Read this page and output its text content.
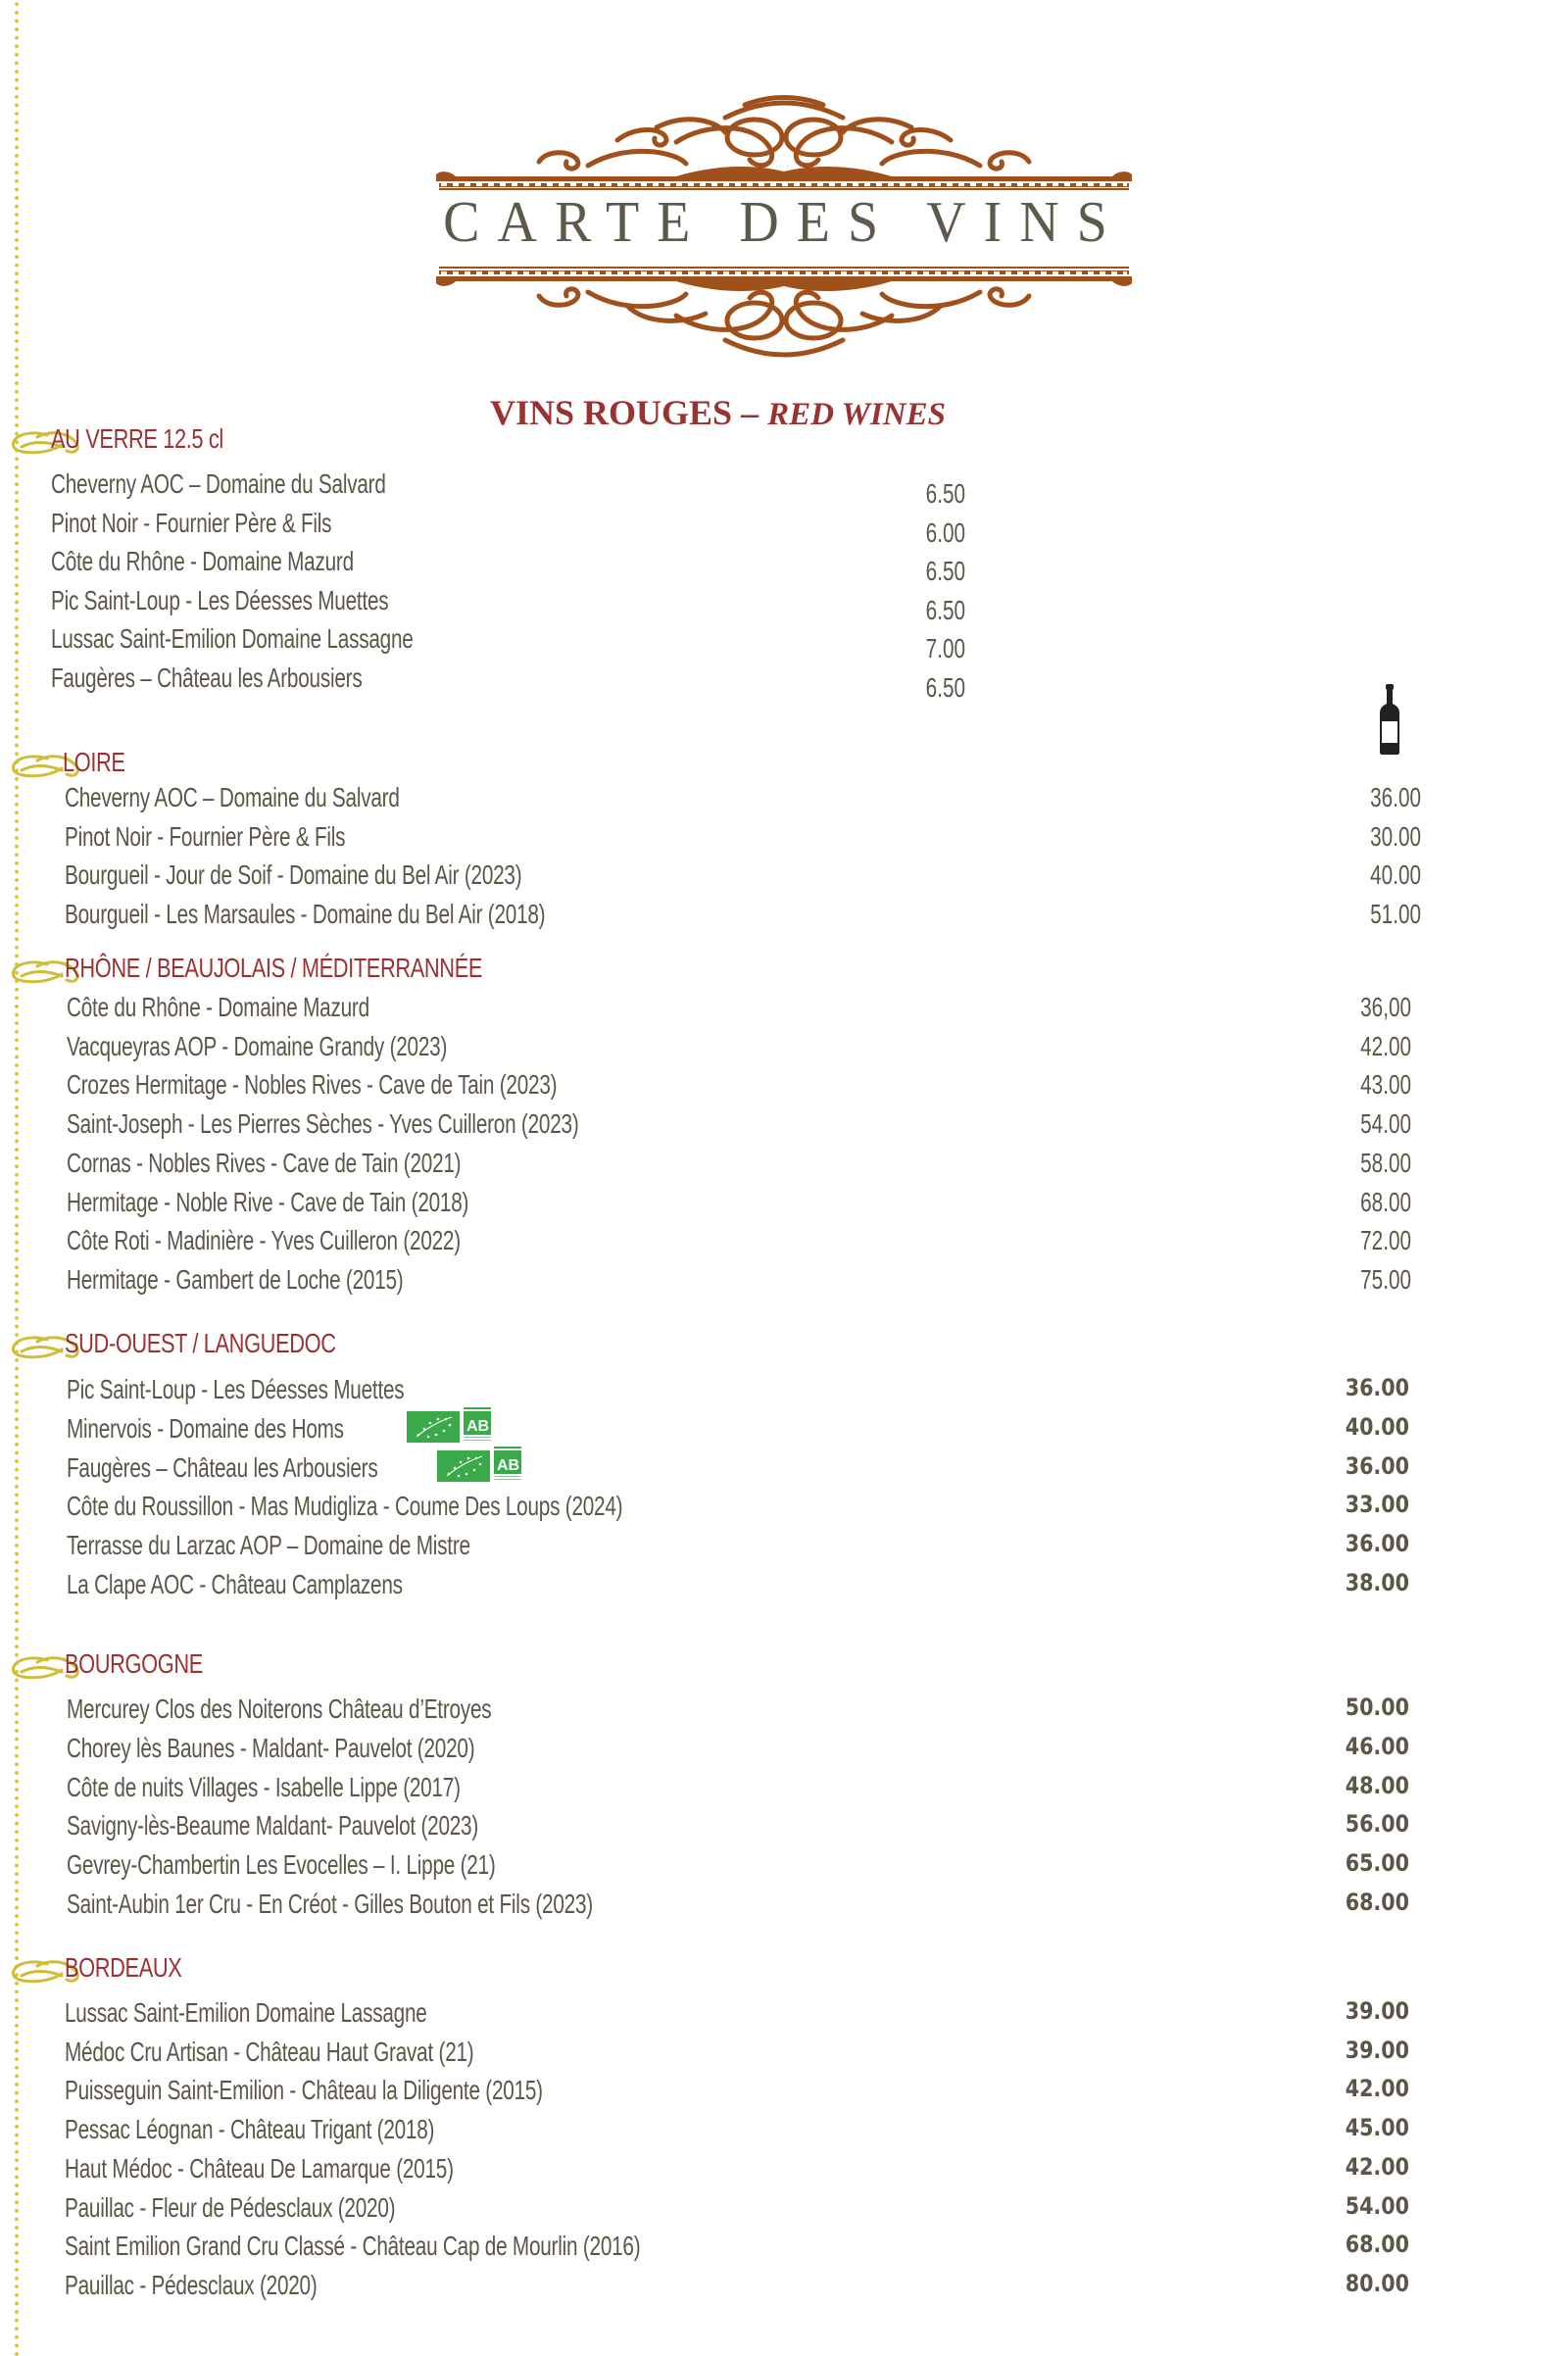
CARTE DES VINS
VINS ROUGES – RED WINES
AU VERRE 12.5 cl
Cheverny AOC – Domaine du Salvard	6.50
Pinot Noir - Fournier Père & Fils	6.00
Côte du Rhône - Domaine Mazurd	6.50
Pic Saint-Loup - Les Déesses Muettes	6.50
Lussac Saint-Emilion Domaine Lassagne	7.00
Faugères – Château les Arbousiers	6.50
LOIRE
Cheverny AOC – Domaine du Salvard	36.00
Pinot Noir - Fournier Père & Fils	30.00
Bourgueil - Jour de Soif - Domaine du Bel Air (2023)	40.00
Bourgueil - Les Marsaules - Domaine du Bel Air (2018)	51.00
RHÔNE / BEAUJOLAIS / MÉDITERRANNÉE
Côte du Rhône - Domaine Mazurd	36,00
Vacqueyras AOP - Domaine Grandy (2023)	42.00
Crozes Hermitage - Nobles Rives - Cave de Tain (2023)	43.00
Saint-Joseph - Les Pierres Sèches - Yves Cuilleron (2023)	54.00
Cornas - Nobles Rives - Cave de Tain (2021)	58.00
Hermitage - Noble Rive - Cave de Tain (2018)	68.00
Côte Roti - Madinière - Yves Cuilleron (2022)	72.00
Hermitage - Gambert de Loche (2015)	75.00
SUD-OUEST / LANGUEDOC
Pic Saint-Loup - Les Déesses Muettes	36.00
Minervois - Domaine des Homs	40.00
AB
Faugères – Château les Arbousiers	36.00
AB
Côte du Roussillon - Mas Mudigliza - Coume Des Loups (2024)	33.00
Terrasse du Larzac AOP – Domaine de Mistre	36.00
La Clape AOC - Château Camplazens	38.00
BOURGOGNE
Mercurey Clos des Noiterons Château d’Etroyes	50.00
Chorey lès Baunes - Maldant- Pauvelot (2020)	46.00
Côte de nuits Villages - Isabelle Lippe (2017)	48.00
Savigny-lès-Beaume Maldant- Pauvelot (2023)	56.00
Gevrey-Chambertin Les Evocelles – I. Lippe (21)	65.00
Saint-Aubin 1er Cru - En Créot - Gilles Bouton et Fils (2023)	68.00
BORDEAUX
Lussac Saint-Emilion Domaine Lassagne	39.00
Médoc Cru Artisan - Château Haut Gravat (21)	39.00
Puisseguin Saint-Emilion - Château la Diligente (2015)	42.00
Pessac Léognan - Château Trigant (2018)	45.00
Haut Médoc - Château De Lamarque (2015)	42.00
Pauillac - Fleur de Pédesclaux (2020)	54.00
Saint Emilion Grand Cru Classé - Château Cap de Mourlin (2016)	68.00
Pauillac - Pédesclaux (2020)	80.00
